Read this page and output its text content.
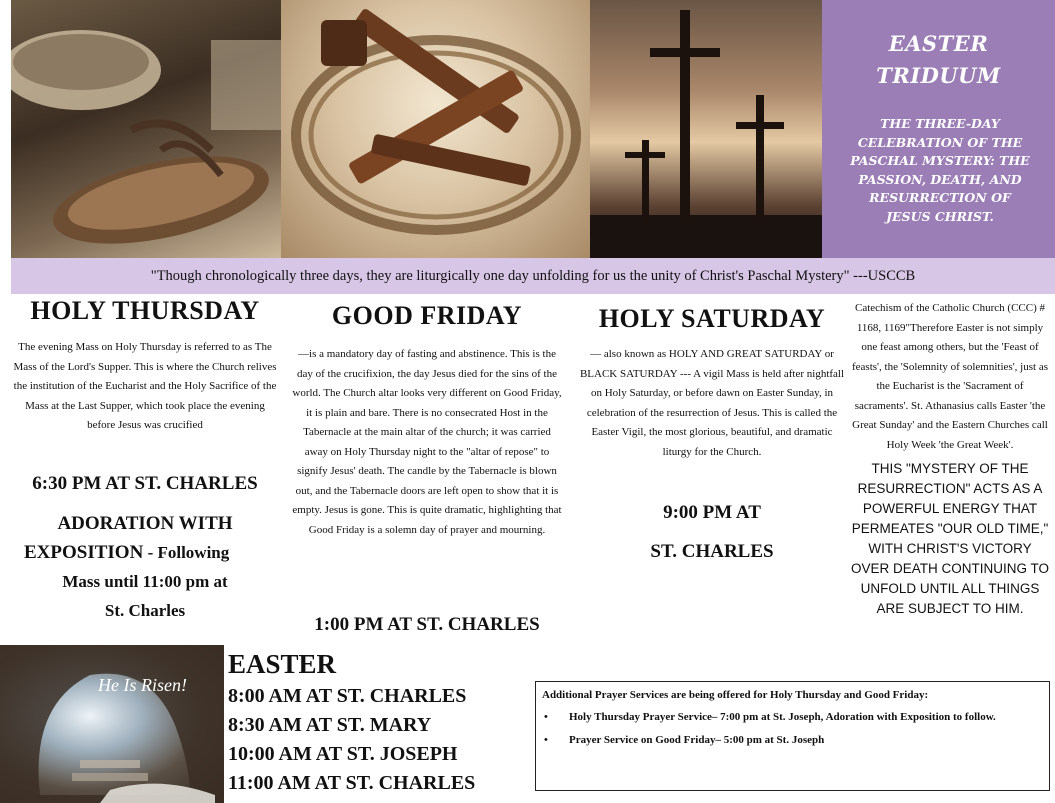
EASTER
TRIDUUM
THE THREE-DAY CELEBRATION OF THE PASCHAL MYSTERY: THE PASSION, DEATH, AND RESURRECTION OF JESUS CHRIST.
"Though chronologically three days, they are liturgically one day unfolding for us the unity of Christ's Paschal Mystery" ---USCCB
HOLY THURSDAY
The evening Mass on Holy Thursday is referred to as The Mass of the Lord's Supper. This is where the Church relives the institution of the Eucharist and the Holy Sacrifice of the Mass at the Last Supper, which took place the evening before Jesus was crucified
6:30 PM AT ST. CHARLES
ADORATION WITH
EXPOSITION - Following
Mass until 11:00 pm at
St. Charles
GOOD FRIDAY
—is a mandatory day of fasting and abstinence. This is the day of the crucifixion, the day Jesus died for the sins of the world. The Church altar looks very different on Good Friday, it is plain and bare. There is no consecrated Host in the Tabernacle at the main altar of the church; it was carried away on Holy Thursday night to the "altar of repose" to signify Jesus' death. The candle by the Tabernacle is blown out, and the Tabernacle doors are left open to show that it is empty. Jesus is gone. This is quite dramatic, highlighting that Good Friday is a solemn day of prayer and mourning.
1:00 PM AT ST. CHARLES
HOLY SATURDAY
— also known as HOLY AND GREAT SATURDAY or BLACK SATURDAY --- A vigil Mass is held after nightfall on Holy Saturday, or before dawn on Easter Sunday, in celebration of the resurrection of Jesus. This is called the Easter Vigil, the most glorious, beautiful, and dramatic liturgy for the Church.
9:00 PM AT
ST. CHARLES
Catechism of the Catholic Church (CCC) # 1168, 1169"Therefore Easter is not simply one feast among others, but the 'Feast of feasts', the 'Solemnity of solemnities', just as the Eucharist is the 'Sacrament of sacraments'. St. Athanasius calls Easter 'the Great Sunday' and the Eastern Churches call Holy Week 'the Great Week'.
THIS "MYSTERY OF THE RESURRECTION" ACTS AS A POWERFUL ENERGY THAT PERMEATES "OUR OLD TIME," WITH CHRIST'S VICTORY OVER DEATH CONTINUING TO UNFOLD UNTIL ALL THINGS ARE SUBJECT TO HIM.
He Is Risen!
EASTER
8:00 AM AT ST. CHARLES
8:30 AM AT ST. MARY
10:00 AM AT ST. JOSEPH
11:00 AM AT ST. CHARLES
Additional Prayer Services are being offered for Holy Thursday and Good Friday:
•	Holy Thursday Prayer Service– 7:00 pm at St. Joseph, Adoration with Exposition to follow.
•	Prayer Service on Good Friday– 5:00 pm at St. Joseph
